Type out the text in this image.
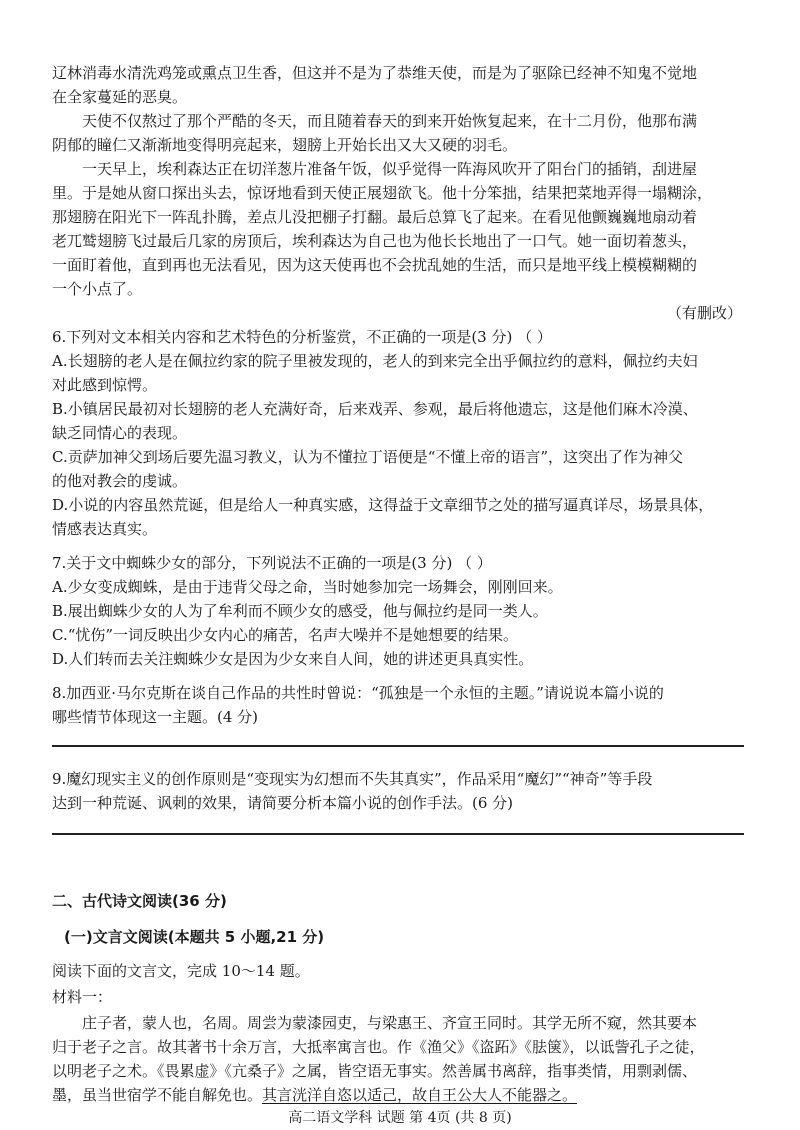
辽林消毒水清洗鸡笼或熏点卫生香，但这并不是为了恭维天使，而是为了驱除已经神不知鬼不觉地
在全家蔓延的恶臭。
天使不仅熬过了那个严酷的冬天，而且随着春天的到来开始恢复起来，在十二月份，他那布满
阴郁的瞳仁又渐渐地变得明亮起来，翅膀上开始长出又大又硬的羽毛。
一天早上，埃利森达正在切洋葱片准备午饭，似乎觉得一阵海风吹开了阳台门的插销，刮进屋
里。于是她从窗口探出头去，惊讶地看到天使正展翅欲飞。他十分笨拙，结果把菜地弄得一塌糊涂，
那翅膀在阳光下一阵乱扑腾，差点儿没把棚子打翻。最后总算飞了起来。在看见他颤巍巍地扇动着
老兀鹫翅膀飞过最后几家的房顶后，埃利森达为自己也为他长长地出了一口气。她一面切着葱头，
一面盯着他，直到再也无法看见，因为这天使再也不会扰乱她的生活，而只是地平线上模模糊糊的
一个小点了。
（有删改）
6.下列对文本相关内容和艺术特色的分析鉴赏，不正确的一项是(3 分) （ ）
A.长翅膀的老人是在佩拉约家的院子里被发现的，老人的到来完全出乎佩拉约的意料，佩拉约夫妇
对此感到惊愕。
B.小镇居民最初对长翅膀的老人充满好奇，后来戏弄、参观，最后将他遗忘，这是他们麻木冷漠、
缺乏同情心的表现。
C.贡萨加神父到场后要先温习教义，认为不懂拉丁语便是“不懂上帝的语言”，这突出了作为神父
的他对教会的虔诚。
D.小说的内容虽然荒诞，但是给人一种真实感，这得益于文章细节之处的描写逼真详尽，场景具体，
情感表达真实。
7.关于文中蜘蛛少女的部分，下列说法不正确的一项是(3 分) （ ）
A.少女变成蜘蛛，是由于违背父母之命，当时她参加完一场舞会，刚刚回来。
B.展出蜘蛛少女的人为了牟利而不顾少女的感受，他与佩拉约是同一类人。
C.“忧伤”一词反映出少女内心的痛苦，名声大噪并不是她想要的结果。
D.人们转而去关注蜘蛛少女是因为少女来自人间，她的讲述更具真实性。
8.加西亚·马尔克斯在谈自己作品的共性时曾说：“孤独是一个永恒的主题。”请说说本篇小说的
哪些情节体现这一主题。(4 分)
9.魔幻现实主义的创作原则是“变现实为幻想而不失其真实”，作品采用“魔幻”“神奇”等手段
达到一种荒诞、讽刺的效果，请简要分析本篇小说的创作手法。(6 分)
二、古代诗文阅读(36 分)
(一)文言文阅读(本题共 5 小题,21 分)
阅读下面的文言文，完成 10～14 题。
材料一：
庄子者，蒙人也，名周。周尝为蒙漆园吏，与梁惠王、齐宣王同时。其学无所不窥，然其要本
归于老子之言。故其著书十余万言，大抵率寓言也。作《渔父》《盗跖》《胠箧》，以诋訾孔子之徒，
以明老子之术。《畏累虚》《亢桑子》之属，皆空语无事实。然善属书离辞，指事类情，用剽剥儒、
墨，虽当世宿学不能自解免也。其言洸洋自恣以适己，故自王公大人不能器之。
高二语文学科 试题 第 4页 (共 8 页)
